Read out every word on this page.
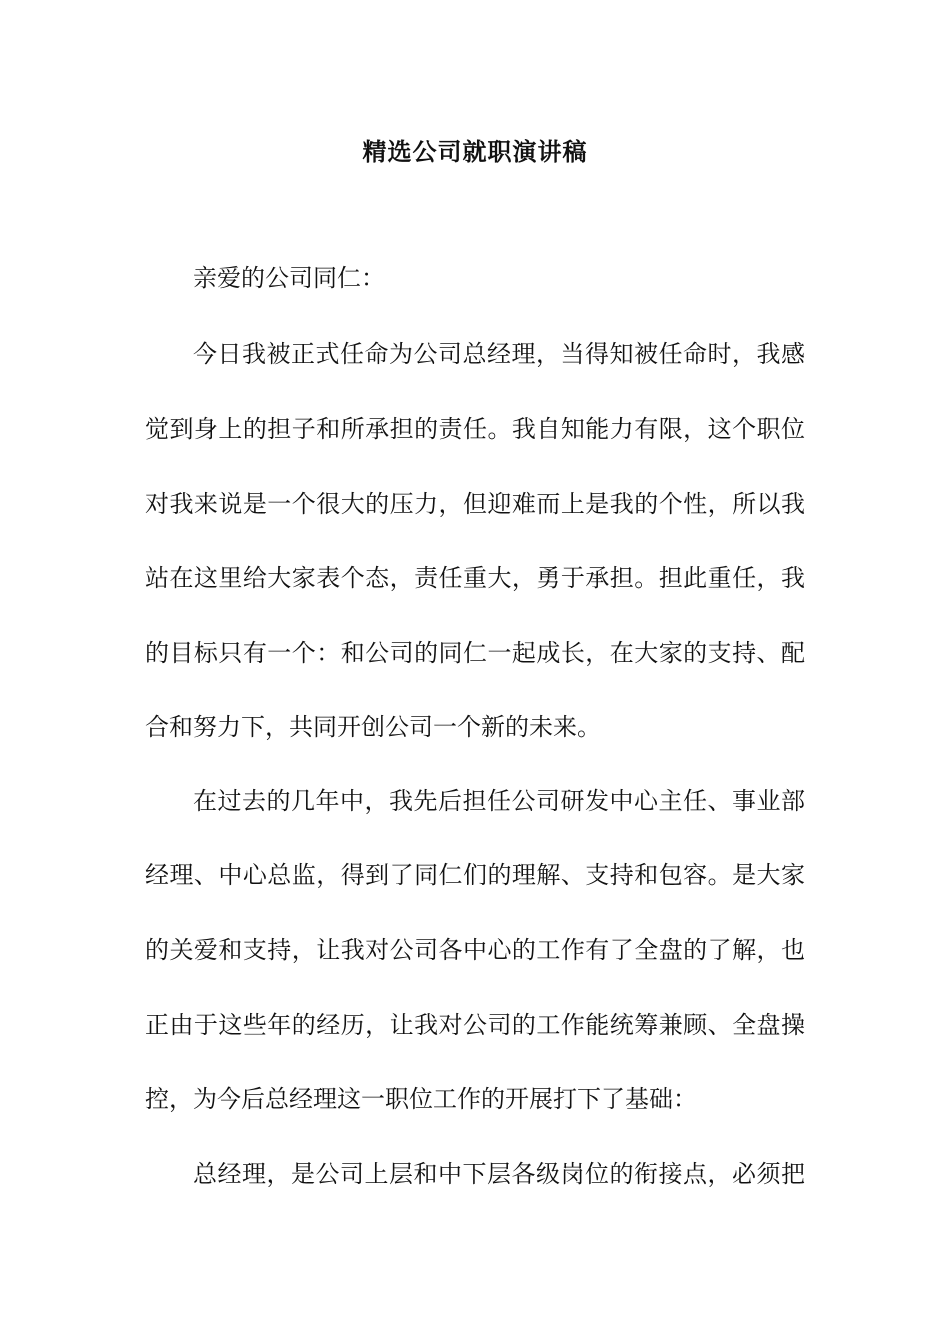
精选公司就职演讲稿
亲爱的公司同仁：
今日我被正式任命为公司总经理，当得知被任命时，我感
觉到身上的担子和所承担的责任。我自知能力有限，这个职位
对我来说是一个很大的压力，但迎难而上是我的个性，所以我
站在这里给大家表个态，责任重大，勇于承担。担此重任，我
的目标只有一个：和公司的同仁一起成长，在大家的支持、配
合和努力下，共同开创公司一个新的未来。
在过去的几年中，我先后担任公司研发中心主任、事业部
经理、中心总监，得到了同仁们的理解、支持和包容。是大家
的关爱和支持，让我对公司各中心的工作有了全盘的了解，也
正由于这些年的经历，让我对公司的工作能统筹兼顾、全盘操
控，为今后总经理这一职位工作的开展打下了基础：
总经理，是公司上层和中下层各级岗位的衔接点，必须把
